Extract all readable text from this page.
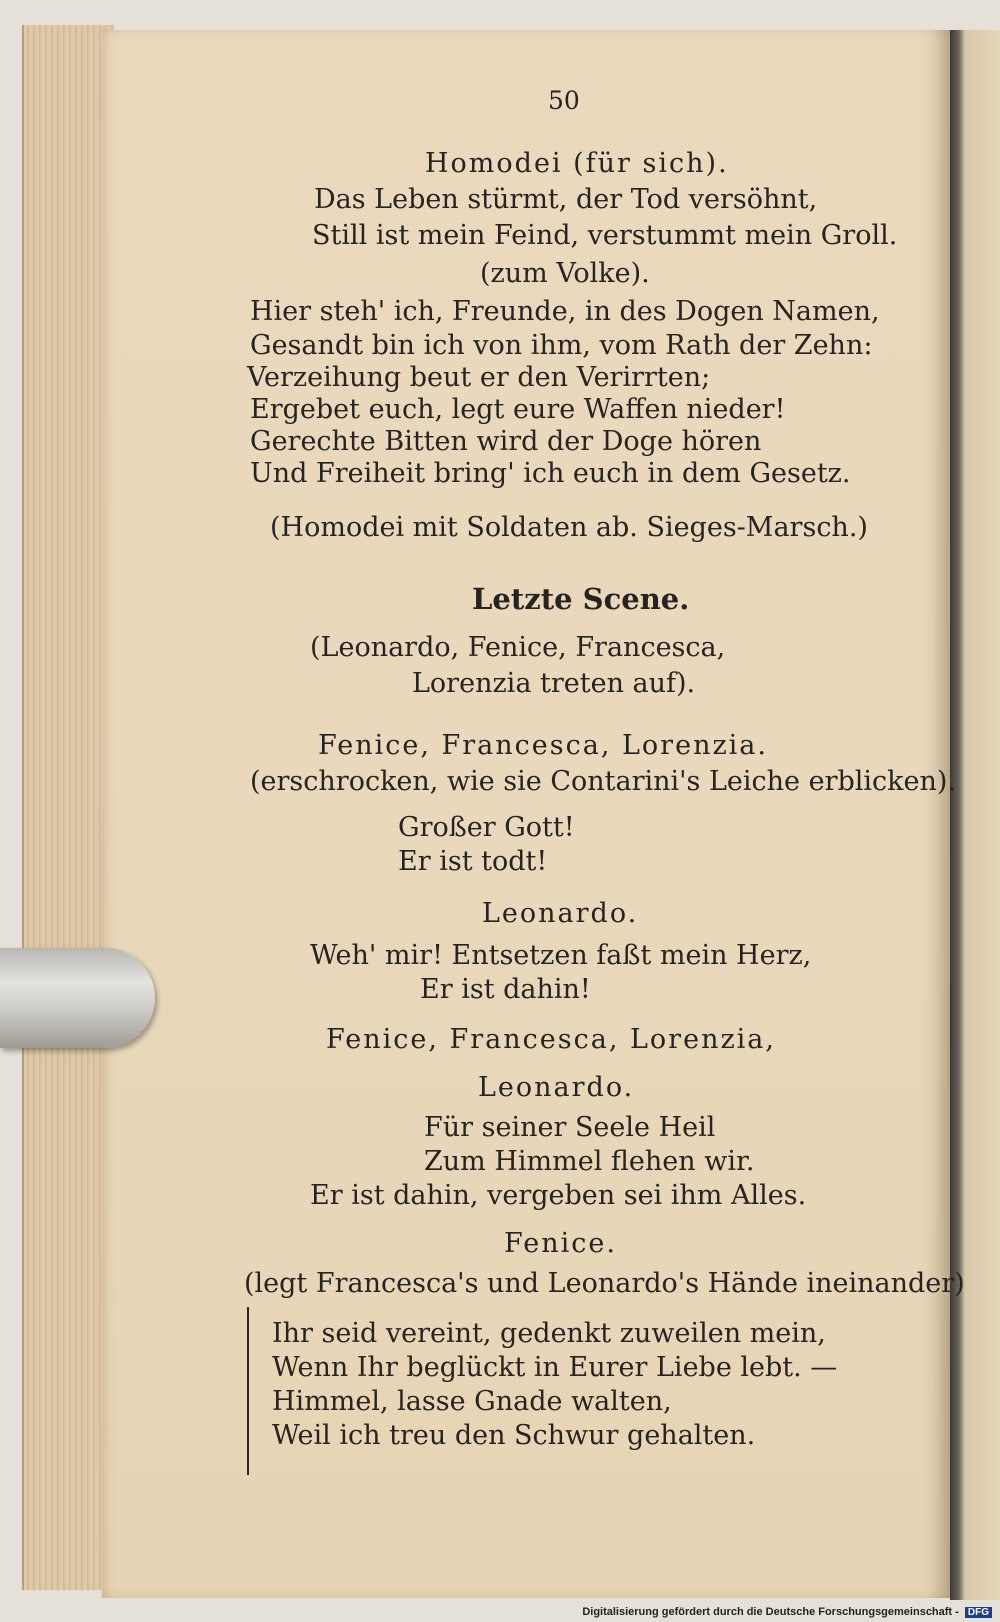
50
Homodei (für sich).
Das Leben stürmt, der Tod versöhnt,
Still ist mein Feind, verstummt mein Groll.
(zum Volke).
Hier steh' ich, Freunde, in des Dogen Namen,
Gesandt bin ich von ihm, vom Rath der Zehn:
Verzeihung beut er den Verirrten;
Ergebet euch, legt eure Waffen nieder!
Gerechte Bitten wird der Doge hören
Und Freiheit bring' ich euch in dem Gesetz.
(Homodei mit Soldaten ab. Sieges-Marsch.)
Letzte Scene.
(Leonardo, Fenice, Francesca,
Lorenzia treten auf).
Fenice, Francesca, Lorenzia.
(erschrocken, wie sie Contarini's Leiche erblicken).
Großer Gott!
Er ist todt!
Leonardo.
Weh' mir! Entsetzen faßt mein Herz,
Er ist dahin!
Fenice, Francesca, Lorenzia,
Leonardo.
Für seiner Seele Heil
Zum Himmel flehen wir.
Er ist dahin, vergeben sei ihm Alles.
Fenice.
(legt Francesca's und Leonardo's Hände ineinander)
Ihr seid vereint, gedenkt zuweilen mein,
Wenn Ihr beglückt in Eurer Liebe lebt. —
Himmel, lasse Gnade walten,
Weil ich treu den Schwur gehalten.
Digitalisierung gefördert durch die Deutsche Forschungsgemeinschaft - DFG
